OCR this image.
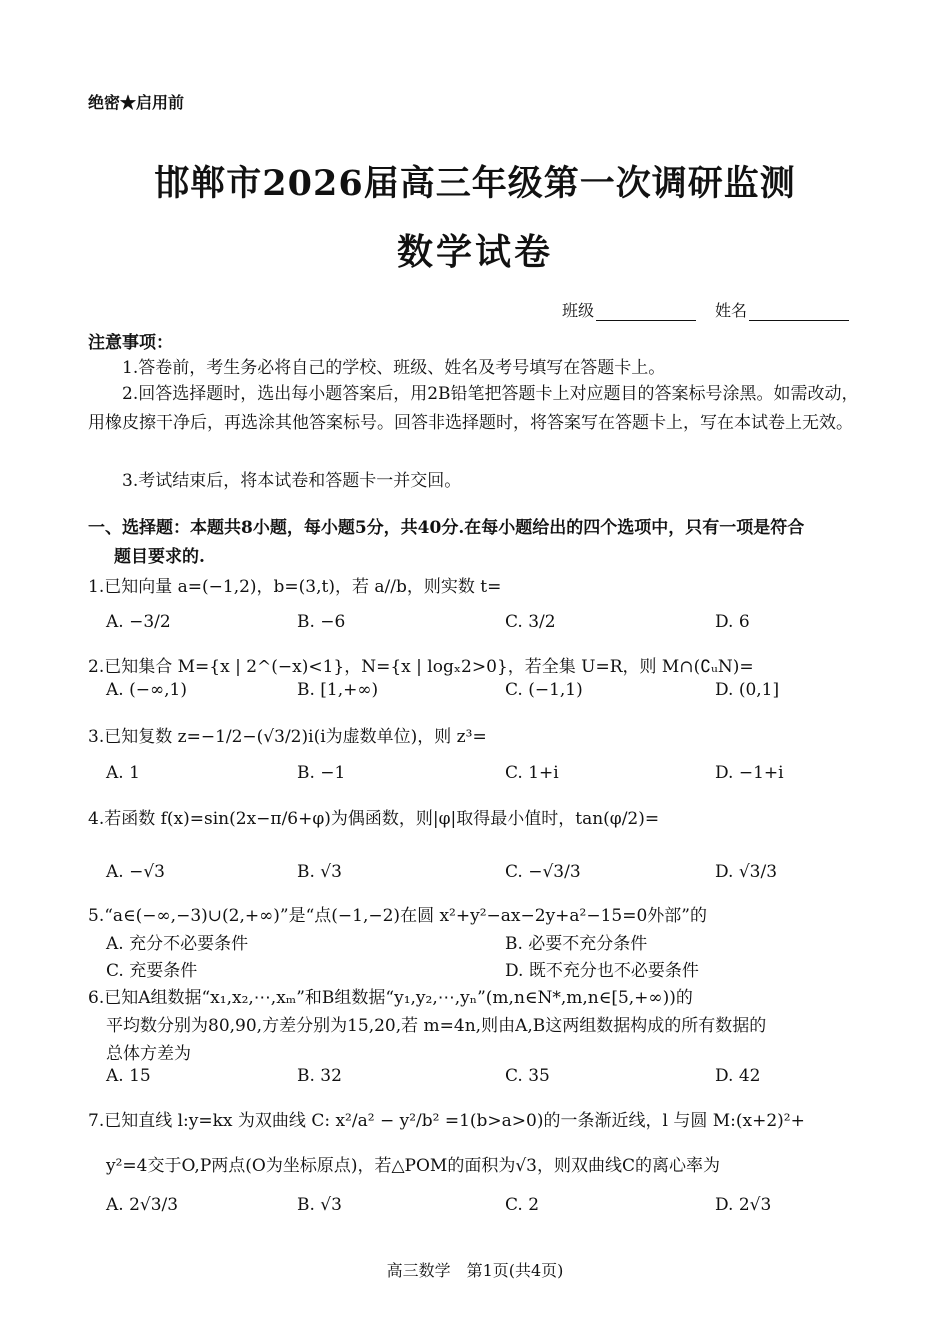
绝密★启用前
邯郸市2026届高三年级第一次调研监测
数学试卷
班级	姓名
注意事项：
1.答卷前，考生务必将自己的学校、班级、姓名及考号填写在答题卡上。
2.回答选择题时，选出每小题答案后，用2B铅笔把答题卡上对应题目的答案标号涂黑。如需改动，用橡皮擦干净后，再选涂其他答案标号。回答非选择题时，将答案写在答题卡上，写在本试卷上无效。
3.考试结束后，将本试卷和答题卡一并交回。
一、选择题：本题共8小题，每小题5分，共40分.在每小题给出的四个选项中，只有一项是符合
题目要求的.
1.已知向量 a=(−1,2)，b=(3,t)，若 a//b，则实数 t=
A. −3/2	B. −6	C. 3/2	D. 6
2.已知集合 M={x | 2^(−x)<1}，N={x | logₓ2>0}，若全集 U=R，则 M∩(∁ᵤN)=
A. (−∞,1)	B. [1,+∞)	C. (−1,1)	D. (0,1]
3.已知复数 z=−1/2−(√3/2)i(i为虚数单位)，则 z³=
A. 1	B. −1	C. 1+i	D. −1+i
4.若函数 f(x)=sin(2x−π/6+φ)为偶函数，则|φ|取得最小值时，tan(φ/2)=
A. −√3	B. √3	C. −√3/3	D. √3/3
5.“a∈(−∞,−3)∪(2,+∞)”是“点(−1,−2)在圆 x²+y²−ax−2y+a²−15=0外部”的
A. 充分不必要条件	B. 必要不充分条件
C. 充要条件	D. 既不充分也不必要条件
6.已知A组数据“x₁,x₂,⋯,xₘ”和B组数据“y₁,y₂,⋯,yₙ”(m,n∈N*,m,n∈[5,+∞))的
平均数分别为80,90,方差分别为15,20,若 m=4n,则由A,B这两组数据构成的所有数据的
总体方差为
A. 15	B. 32	C. 35	D. 42
7.已知直线 l:y=kx 为双曲线 C: x²/a² − y²/b² =1(b>a>0)的一条渐近线，l 与圆 M:(x+2)²+
y²=4交于O,P两点(O为坐标原点)，若△POM的面积为√3，则双曲线C的离心率为
A. 2√3/3	B. √3	C. 2	D. 2√3
高三数学　第1页(共4页)
